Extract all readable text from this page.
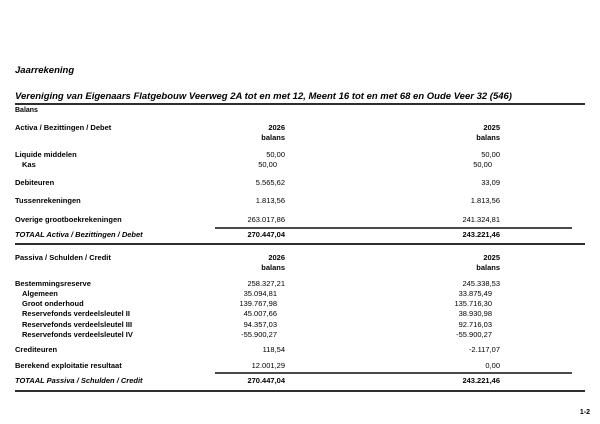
Jaarrekening
Vereniging van Eigenaars Flatgebouw Veerweg 2A tot en met 12, Meent 16 tot en met 68 en Oude Veer 32 (546)
Balans
Activa / Bezittingen / Debet	2026	2025
balans	balans
Liquide middelen	50,00	50,00
Kas	50,00	50,00
Debiteuren	5.565,62	33,09
Tussenrekeningen	1.813,56	1.813,56
Overige grootboekrekeningen	263.017,86	241.324,81
TOTAAL Activa / Bezittingen / Debet	270.447,04	243.221,46
Passiva / Schulden / Credit	2026	2025
balans	balans
Bestemmingsreserve	258.327,21	245.338,53
Algemeen	35.094,81	33.875,49
Groot onderhoud	139.767,98	135.716,30
Reservefonds verdeelsleutel II	45.007,66	38.930,98
Reservefonds verdeelsleutel III	94.357,03	92.716,03
Reservefonds verdeelsleutel IV	-55.900,27	-55.900,27
Crediteuren	118,54	-2.117,07
Berekend exploitatie resultaat	12.001,29	0,00
TOTAAL Passiva / Schulden / Credit	270.447,04	243.221,46
1-2
